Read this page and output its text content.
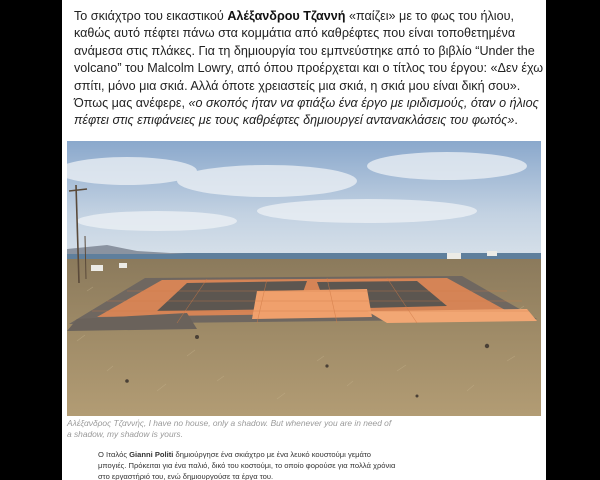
Το σκιάχτρο του εικαστικού Αλέξανδρου Τζαννή «παίζει» με το φως του ήλιου, καθώς αυτό πέφτει πάνω στα κομμάτια από καθρέφτες που είναι τοποθετημένα ανάμεσα στις πλάκες. Για τη δημιουργία του εμπνεύστηκε από το βιβλίο “Under the volcano” του Malcolm Lowry, από όπου προέρχεται και ο τίτλος του έργου: «Δεν έχω σπίτι, μόνο μια σκιά. Αλλά όποτε χρειαστείς μια σκιά, η σκιά μου είναι δική σου». Όπως μας ανέφερε, «ο σκοπός ήταν να φτιάξω ένα έργο με ιριδισμούς, όταν ο ήλιος πέφτει στις επιφάνειες με τους καθρέφτες δημιουργεί αντανακλάσεις του φωτός».

Αλέξανδρος Τζαννής, I have no house, only a shadow. But whenever you are in need of a shadow, my shadow is yours.

Ο Ιταλός Gianni Politi δημιούργησε ένα σκιάχτρο με ένα λευκό κουστούμι γεμάτο μπογιές. Πρόκειται για ένα παλιό, δικό του κοστούμι, το οποίο φορούσε για πολλά χρόνια στο εργαστήριό του, ενώ δημιουργούσε τα έργα του.
